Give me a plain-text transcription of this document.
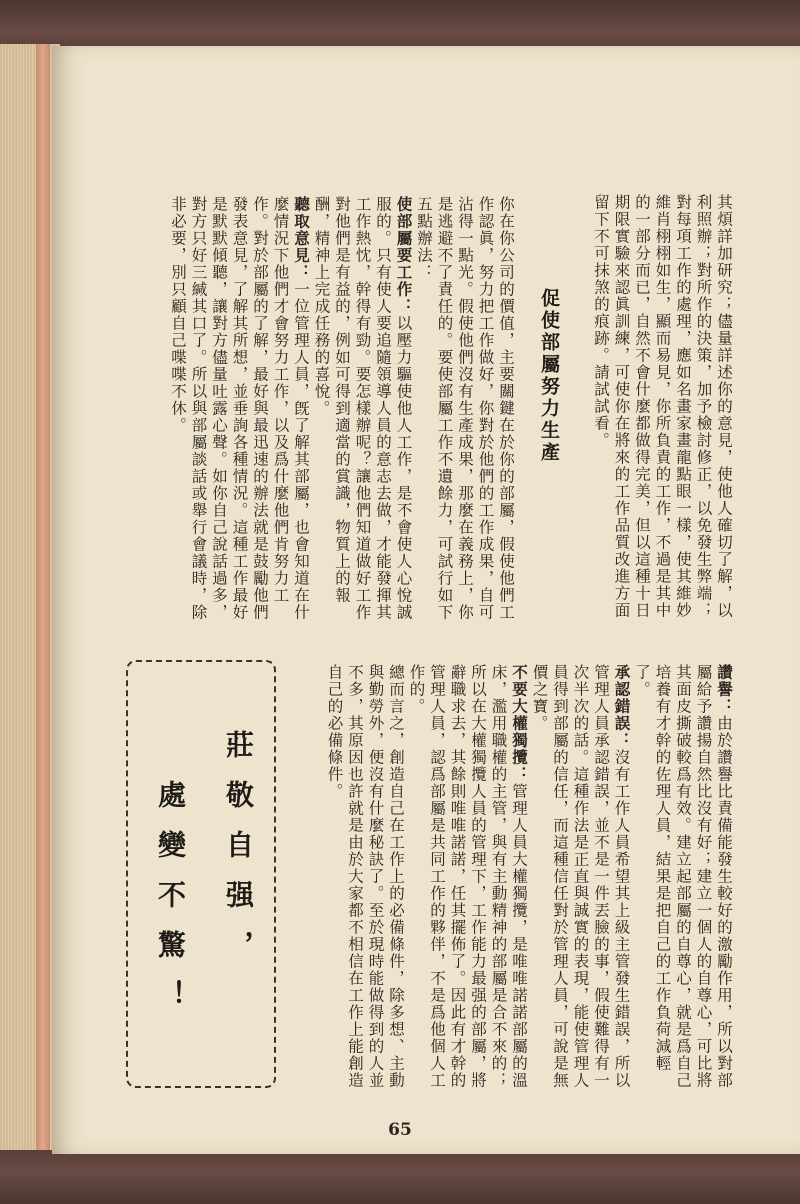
其煩詳加研究；儘量詳述你的意見，使他人確切了解，以利照辦；對所作的決策，加予檢討修正，以免發生弊端；對每項工作的處理，應如名畫家畫龍點眼一樣，使其維妙維肖栩栩如生，顯而易見，你所負責的工作，不過是其中的一部分而已，自然不會什麼都做得完美，但以這種十日期限實驗來認眞訓練，可使你在將來的工作品質改進方面留下不可抹煞的痕跡。請試試看。

促使部屬努力生產

你在你公司的價值，主要關鍵在於你的部屬，假使他們工作認眞，努力把工作做好，你對於他們的工作成果，自可沾得一點光。假使他們沒有生產成果，那麼在義務上，你是逃避不了責任的。要使部屬工作不遺餘力，可試行如下五點辦法：

使部屬要工作：以壓力驅使他人工作，是不會使人心悅誠服的。只有使人要追隨領導人員的意志去做，才能發揮其工作熱忱，幹得有勁。要怎樣辦呢？讓他們知道做好工作對他們是有益的，例如可得到適當的賞識，物質上的報酬，精神上完成任務的喜悅。

聽取意見：一位管理人員，旣了解其部屬，也會知道在什麼情況下他們才會努力工作，以及爲什麼他們肯努力工作。對於部屬的了解，最好與最迅速的辦法就是鼓勵他們發表意見，了解其所想，並垂詢各種情況。這種工作最好是默默傾聽，讓對方儘量吐露心聲。如你自己說話過多，對方只好三緘其口了。所以與部屬談話或舉行會議時，除非必要，別只顧自己喋喋不休。

讚譽：由於讚譽比責備能發生較好的激勵作用，所以對部屬給予讚揚自然比沒有好；建立一個人的自尊心，可比將其面皮撕破較爲有效。建立起部屬的自尊心，就是爲自己培養有才幹的佐理人員，結果是把自己的工作負荷減輕了。

承認錯誤：沒有工作人員希望其上級主管發生錯誤，所以管理人員承認錯誤，並不是一件丟臉的事，假使難得有一次半次的話。這種作法是正直與誠實的表現，能使管理人員得到部屬的信任，而這種信任對於管理人員，可說是無價之寶。

不要大權獨攬：管理人員大權獨攬，是唯唯諾諾部屬的溫床，濫用職權的主管，與有主動精神的部屬是合不來的；所以在大權獨攬人員的管理下，工作能力最强的部屬，將辭職求去，其餘則唯唯諾諾，任其擺佈了。因此有才幹的管理人員，認爲部屬是共同工作的夥伴，不是爲他個人工作的。

總而言之，創造自己在工作上的必備條件，除多想、主動與勤勞外，便沒有什麼秘訣了。至於現時能做得到的人並不多，其原因也許就是由於大家都不相信在工作上能創造自己的必備條件。

莊敬自强，
處變不驚！
65
